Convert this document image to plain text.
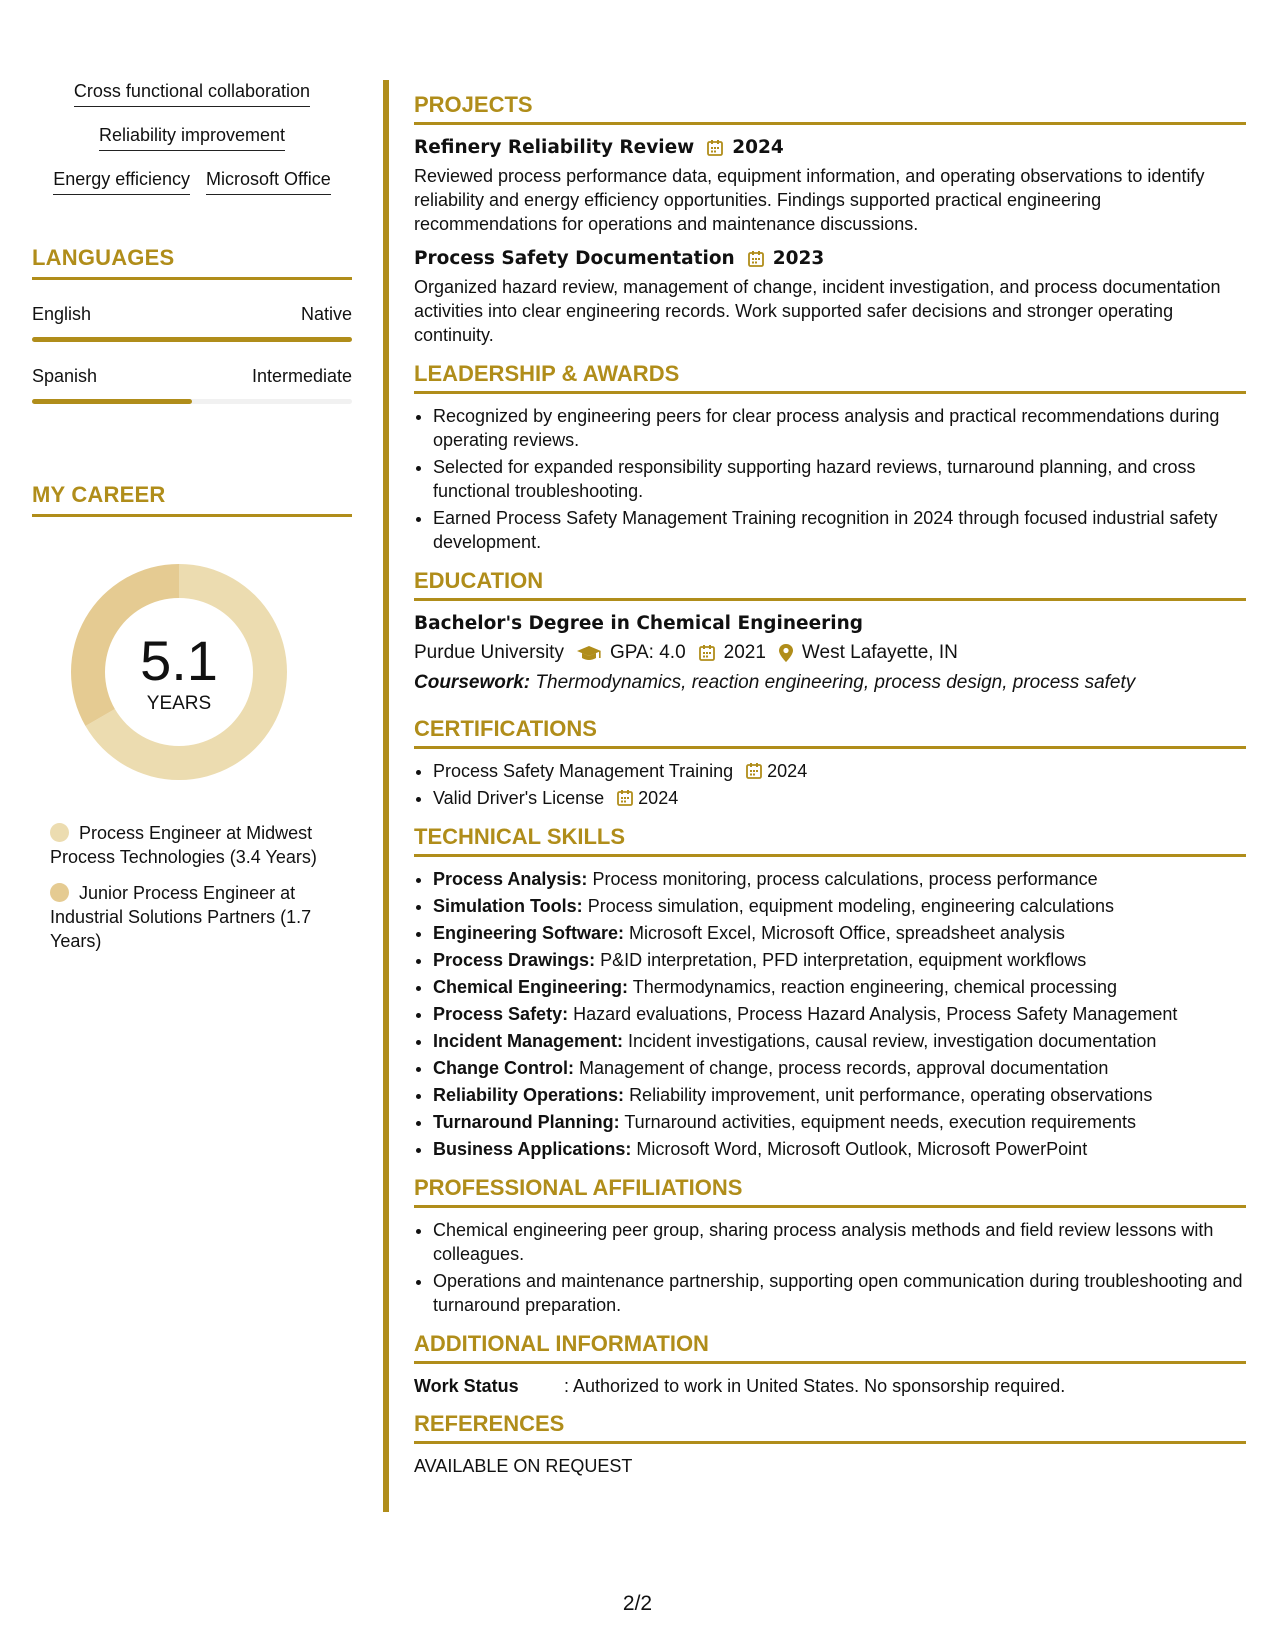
Cross functional collaboration
Reliability improvement
Energy efficiency Microsoft Office
LANGUAGES
English	Native
Spanish	Intermediate
MY CAREER
5.1
YEARS
Process Engineer at Midwest Process Technologies (3.4 Years)
Junior Process Engineer at Industrial Solutions Partners (1.7 Years)
PROJECTS
Refinery Reliability Review 2024
Reviewed process performance data, equipment information, and operating observations to identify reliability and energy efficiency opportunities. Findings supported practical engineering recommendations for operations and maintenance discussions.
Process Safety Documentation 2023
Organized hazard review, management of change, incident investigation, and process documentation activities into clear engineering records. Work supported safer decisions and stronger operating continuity.
LEADERSHIP & AWARDS
• Recognized by engineering peers for clear process analysis and practical recommendations during operating reviews.
• Selected for expanded responsibility supporting hazard reviews, turnaround planning, and cross functional troubleshooting.
• Earned Process Safety Management Training recognition in 2024 through focused industrial safety development.
EDUCATION
Bachelor's Degree in Chemical Engineering
Purdue University GPA: 4.0 2021 West Lafayette, IN
Coursework: Thermodynamics, reaction engineering, process design, process safety
CERTIFICATIONS
• Process Safety Management Training 2024
• Valid Driver's License 2024
TECHNICAL SKILLS
• Process Analysis: Process monitoring, process calculations, process performance
• Simulation Tools: Process simulation, equipment modeling, engineering calculations
• Engineering Software: Microsoft Excel, Microsoft Office, spreadsheet analysis
• Process Drawings: P&ID interpretation, PFD interpretation, equipment workflows
• Chemical Engineering: Thermodynamics, reaction engineering, chemical processing
• Process Safety: Hazard evaluations, Process Hazard Analysis, Process Safety Management
• Incident Management: Incident investigations, causal review, investigation documentation
• Change Control: Management of change, process records, approval documentation
• Reliability Operations: Reliability improvement, unit performance, operating observations
• Turnaround Planning: Turnaround activities, equipment needs, execution requirements
• Business Applications: Microsoft Word, Microsoft Outlook, Microsoft PowerPoint
PROFESSIONAL AFFILIATIONS
• Chemical engineering peer group, sharing process analysis methods and field review lessons with colleagues.
• Operations and maintenance partnership, supporting open communication during troubleshooting and turnaround preparation.
ADDITIONAL INFORMATION
Work Status	: Authorized to work in United States. No sponsorship required.
REFERENCES
AVAILABLE ON REQUEST
2/2
